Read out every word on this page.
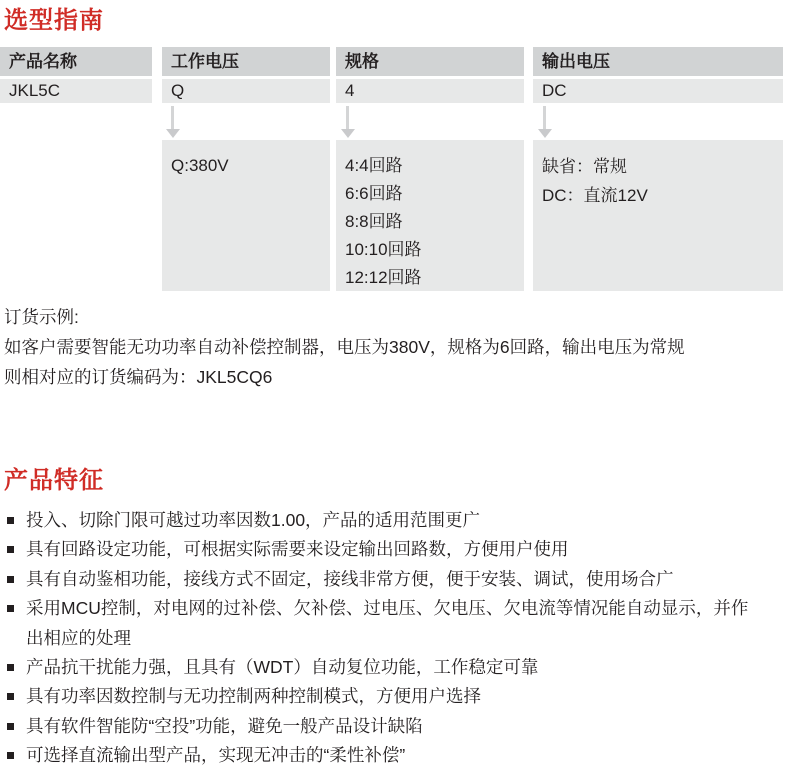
选型指南
产品名称
JKL5C
工作电压
Q
规格
4
输出电压
DC
Q:380V	4:4回路
6:6回路
8:8回路
10:10回路
12:12回路
缺省：常规
DC：直流12V
订货示例:
如客户需要智能无功功率自动补偿控制器，电压为380V，规格为6回路，输出电压为常规
则相对应的订货编码为：JKL5CQ6
产品特征
投入、切除门限可越过功率因数1.00，产品的适用范围更广
具有回路设定功能，可根据实际需要来设定输出回路数，方便用户使用
具有自动鉴相功能，接线方式不固定，接线非常方便，便于安装、调试，使用场合广
采用MCU控制，对电网的过补偿、欠补偿、过电压、欠电压、欠电流等情况能自动显示，并作出相应的处理
产品抗干扰能力强，且具有（WDT）自动复位功能，工作稳定可靠
具有功率因数控制与无功控制两种控制模式，方便用户选择
具有软件智能防“空投”功能，避免一般产品设计缺陷
可选择直流输出型产品，实现无冲击的“柔性补偿”
